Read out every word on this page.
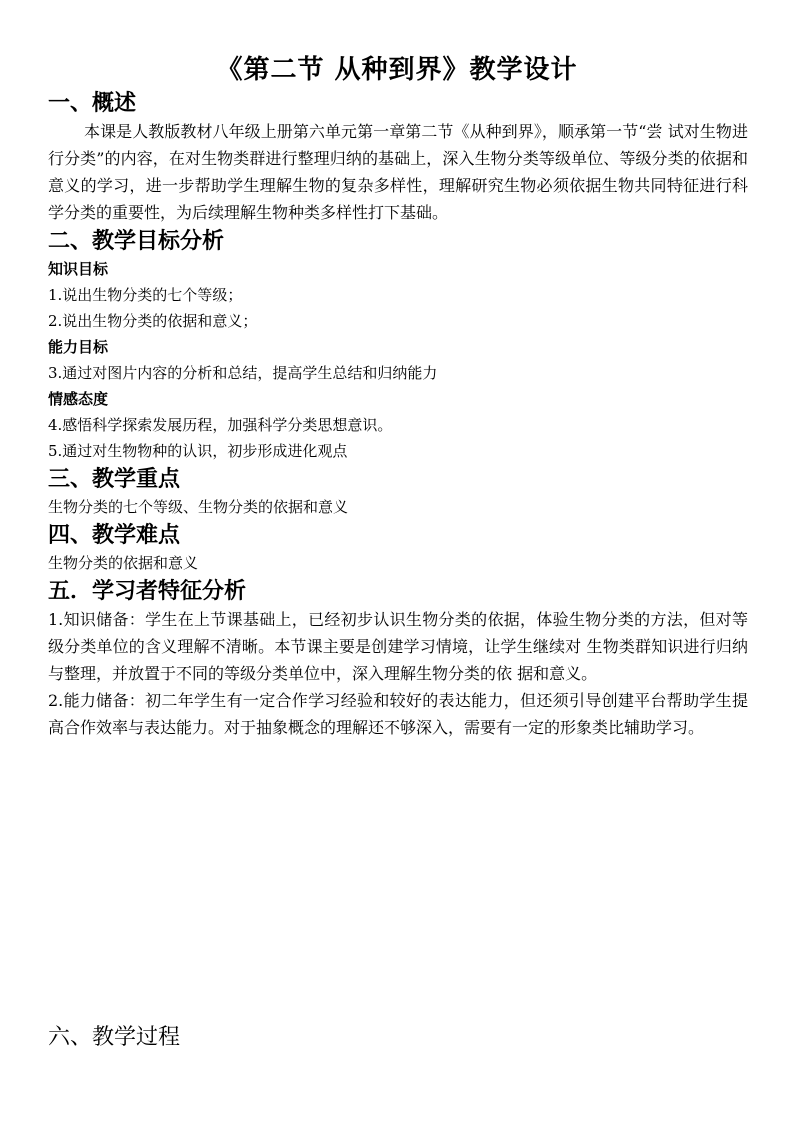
《第二节 从种到界》教学设计
一、概述
本课是人教版教材八年级上册第六单元第一章第二节《从种到界》，顺承第一节“尝 试对生物进行分类”的内容，在对生物类群进行整理归纳的基础上，深入生物分类等级单位、等级分类的依据和意义的学习，进一步帮助学生理解生物的复杂多样性，理解研究生物必须依据生物共同特征进行科学分类的重要性，为后续理解生物种类多样性打下基础。
二、教学目标分析
知识目标
1.说出生物分类的七个等级；
2.说出生物分类的依据和意义；
能力目标
3.通过对图片内容的分析和总结，提高学生总结和归纳能力
情感态度
4.感悟科学探索发展历程，加强科学分类思想意识。
5.通过对生物物种的认识，初步形成进化观点
三、教学重点
生物分类的七个等级、生物分类的依据和意义
四、教学难点
生物分类的依据和意义
五．学习者特征分析
1.知识储备：学生在上节课基础上，已经初步认识生物分类的依据，体验生物分类的方法，但对等级分类单位的含义理解不清晰。本节课主要是创建学习情境，让学生继续对 生物类群知识进行归纳与整理，并放置于不同的等级分类单位中，深入理解生物分类的依 据和意义。
2.能力储备：初二年学生有一定合作学习经验和较好的表达能力，但还须引导创建平台帮助学生提高合作效率与表达能力。对于抽象概念的理解还不够深入，需要有一定的形象类比辅助学习。
六、教学过程
